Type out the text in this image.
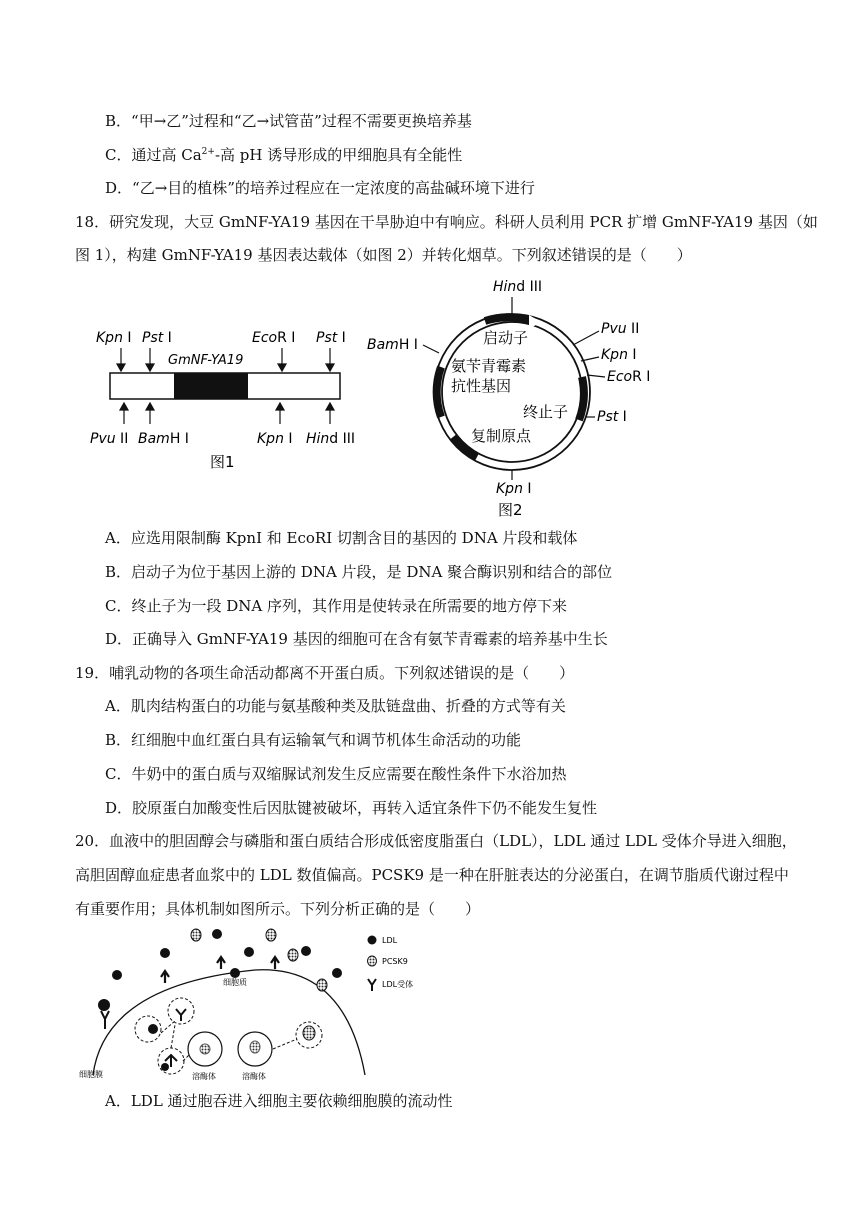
B．“甲→乙”过程和“乙→试管苗”过程不需要更换培养基
C．通过高 $Ca^{2+}-$高 pH 诱导形成的甲细胞具有全能性
D．“乙→目的植株”的培养过程应在一定浓度的高盐碱环境下进行
18．研究发现，大豆 GmNF-YA19 基因在干旱胁迫中有响应。科研人员利用 PCR 扩增 GmNF-YA19 基因（如
图 1），构建 GmNF-YA19 基因表达载体（如图 2）并转化烟草。下列叙述错误的是（　　）
Kpn I Pst I	EcoR I Pst I
GmNF-YA19
Pvu II BamH I	Kpn I Hind III
图1
Hind III
BamH I
Pvu II
Kpn I
EcoR I
Pst I
启动子
氨苄青霉素
抗性基因
终止子
复制原点
Kpn I
图2
A．应选用限制酶 KpnI 和 EcoRI 切割含目的基因的 DNA 片段和载体
B．启动子为位于基因上游的 DNA 片段，是 DNA 聚合酶识别和结合的部位
C．终止子为一段 DNA 序列，其作用是使转录在所需要的地方停下来
D．正确导入 GmNF-YA19 基因的细胞可在含有氨苄青霉素的培养基中生长
19．哺乳动物的各项生命活动都离不开蛋白质。下列叙述错误的是（　　）
A．肌肉结构蛋白的功能与氨基酸种类及肽链盘曲、折叠的方式等有关
B．红细胞中血红蛋白具有运输氧气和调节机体生命活动的功能
C．牛奶中的蛋白质与双缩脲试剂发生反应需要在酸性条件下水浴加热
D．胶原蛋白加酸变性后因肽键被破坏，再转入适宜条件下仍不能发生复性
20．血液中的胆固醇会与磷脂和蛋白质结合形成低密度脂蛋白（LDL），LDL 通过 LDL 受体介导进入细胞，
高胆固醇血症患者血浆中的 LDL 数值偏高。PCSK9 是一种在肝脏表达的分泌蛋白，在调节脂质代谢过程中
有重要作用；具体机制如图所示。下列分析正确的是（　　）
细胞质
细胞膜	溶酶体	溶酶体
LDL
PCSK9
LDL受体
A．LDL 通过胞吞进入细胞主要依赖细胞膜的流动性
